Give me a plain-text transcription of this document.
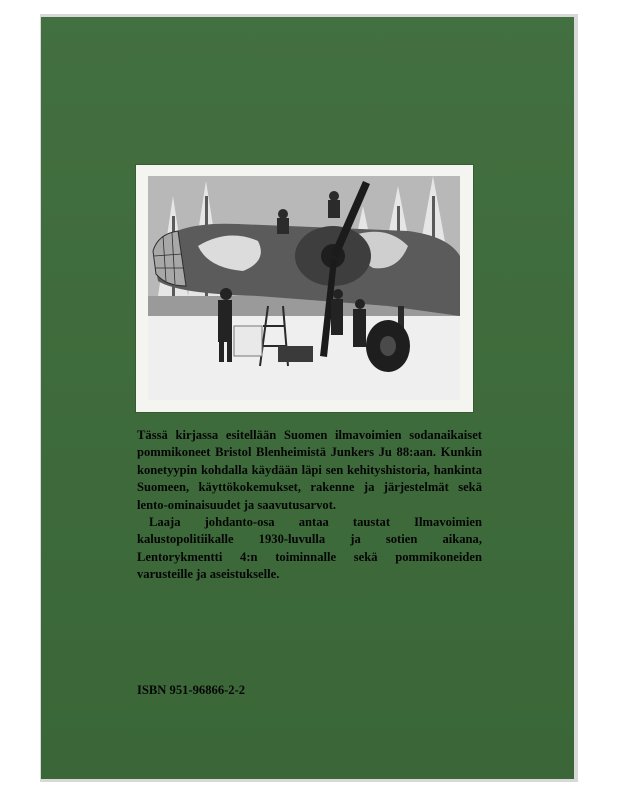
Tässä kirjassa esitellään Suomen ilmavoimien sodanaikaiset pommikoneet Bristol Blenheimistä Junkers Ju 88:aan. Kunkin konetyypin kohdalla käydään läpi sen kehityshistoria, hankinta Suomeen, käyttökokemukset, rakenne ja järjestelmät sekä lento-ominaisuudet ja saavutusarvot.

Laaja johdanto-osa antaa taustat Ilmavoimien kalustopolitiikalle 1930-luvulla ja sotien aikana, Lentorykmentti 4:n toiminnalle sekä pommikoneiden varusteille ja aseistukselle.

ISBN 951-96866-2-2
